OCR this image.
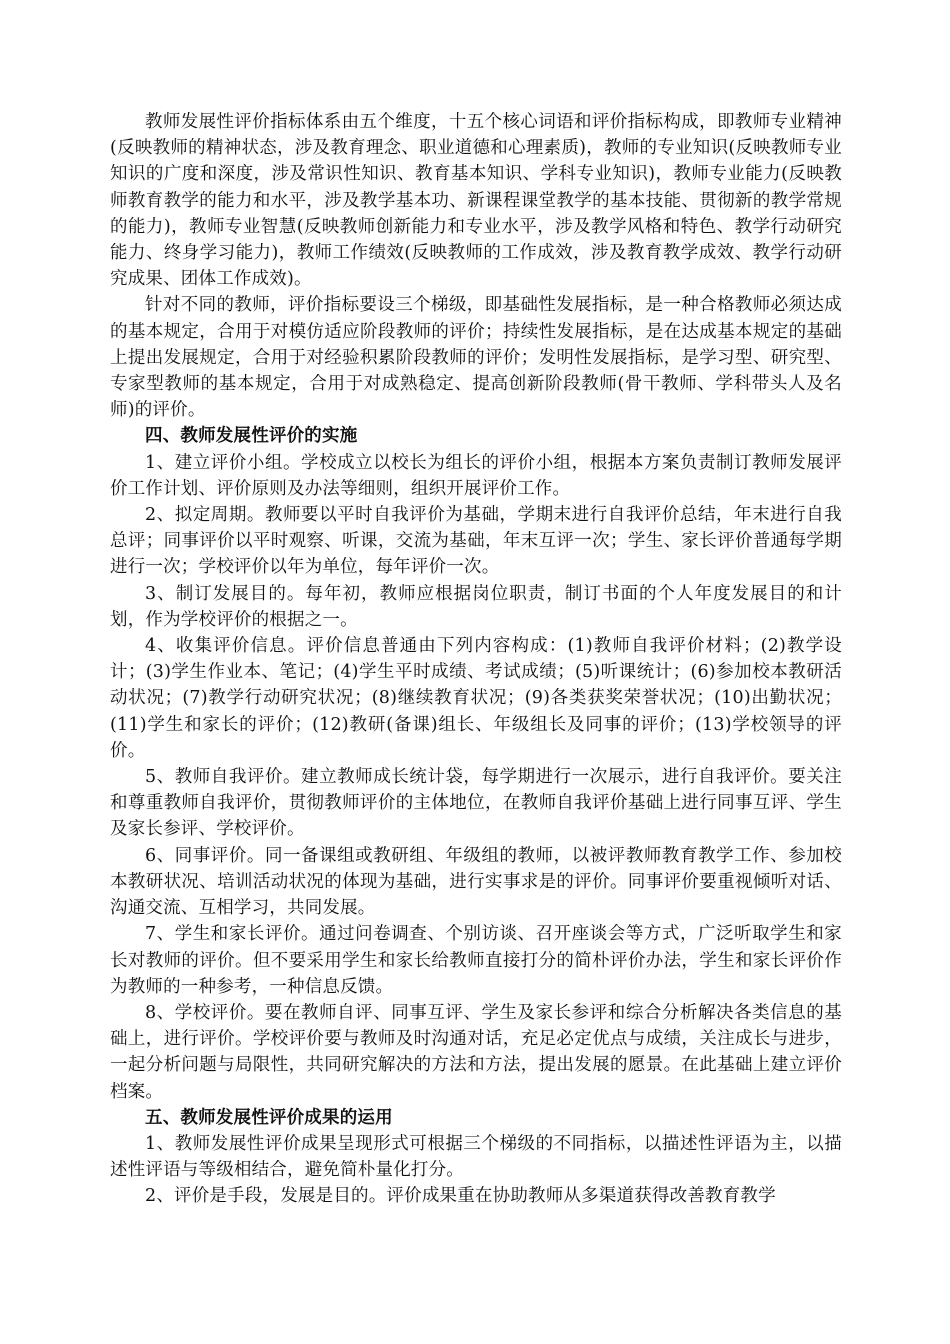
教师发展性评价指标体系由五个维度，十五个核心词语和评价指标构成，即教师专业精神(反映教师的精神状态，涉及教育理念、职业道德和心理素质)，教师的专业知识(反映教师专业知识的广度和深度，涉及常识性知识、教育基本知识、学科专业知识)，教师专业能力(反映教师教育教学的能力和水平，涉及教学基本功、新课程课堂教学的基本技能、贯彻新的教学常规的能力)，教师专业智慧(反映教师创新能力和专业水平，涉及教学风格和特色、教学行动研究能力、终身学习能力)，教师工作绩效(反映教师的工作成效，涉及教育教学成效、教学行动研究成果、团体工作成效)。

针对不同的教师，评价指标要设三个梯级，即基础性发展指标，是一种合格教师必须达成的基本规定，合用于对模仿适应阶段教师的评价；持续性发展指标，是在达成基本规定的基础上提出发展规定，合用于对经验积累阶段教师的评价；发明性发展指标，是学习型、研究型、专家型教师的基本规定，合用于对成熟稳定、提高创新阶段教师(骨干教师、学科带头人及名师)的评价。

四、教师发展性评价的实施

1、建立评价小组。学校成立以校长为组长的评价小组，根据本方案负责制订教师发展评价工作计划、评价原则及办法等细则，组织开展评价工作。

2、拟定周期。教师要以平时自我评价为基础，学期末进行自我评价总结，年末进行自我总评；同事评价以平时观察、听课，交流为基础，年末互评一次；学生、家长评价普通每学期进行一次；学校评价以年为单位，每年评价一次。

3、制订发展目的。每年初，教师应根据岗位职责，制订书面的个人年度发展目的和计划，作为学校评价的根据之一。

4、收集评价信息。评价信息普通由下列内容构成：(1)教师自我评价材料；(2)教学设计；(3)学生作业本、笔记；(4)学生平时成绩、考试成绩；(5)听课统计；(6)参加校本教研活动状况；(7)教学行动研究状况；(8)继续教育状况；(9)各类获奖荣誉状况；(10)出勤状况；(11)学生和家长的评价；(12)教研(备课)组长、年级组长及同事的评价；(13)学校领导的评价。

5、教师自我评价。建立教师成长统计袋，每学期进行一次展示，进行自我评价。要关注和尊重教师自我评价，贯彻教师评价的主体地位，在教师自我评价基础上进行同事互评、学生及家长参评、学校评价。

6、同事评价。同一备课组或教研组、年级组的教师，以被评教师教育教学工作、参加校本教研状况、培训活动状况的体现为基础，进行实事求是的评价。同事评价要重视倾听对话、沟通交流、互相学习，共同发展。

7、学生和家长评价。通过问卷调查、个别访谈、召开座谈会等方式，广泛听取学生和家长对教师的评价。但不要采用学生和家长给教师直接打分的简朴评价办法，学生和家长评价作为教师的一种参考，一种信息反馈。

8、学校评价。要在教师自评、同事互评、学生及家长参评和综合分析解决各类信息的基础上，进行评价。学校评价要与教师及时沟通对话，充足必定优点与成绩，关注成长与进步，一起分析问题与局限性，共同研究解决的方法和方法，提出发展的愿景。在此基础上建立评价档案。

五、教师发展性评价成果的运用

1、教师发展性评价成果呈现形式可根据三个梯级的不同指标，以描述性评语为主，以描述性评语与等级相结合，避免简朴量化打分。

2、评价是手段，发展是目的。评价成果重在协助教师从多渠道获得改善教育教学
